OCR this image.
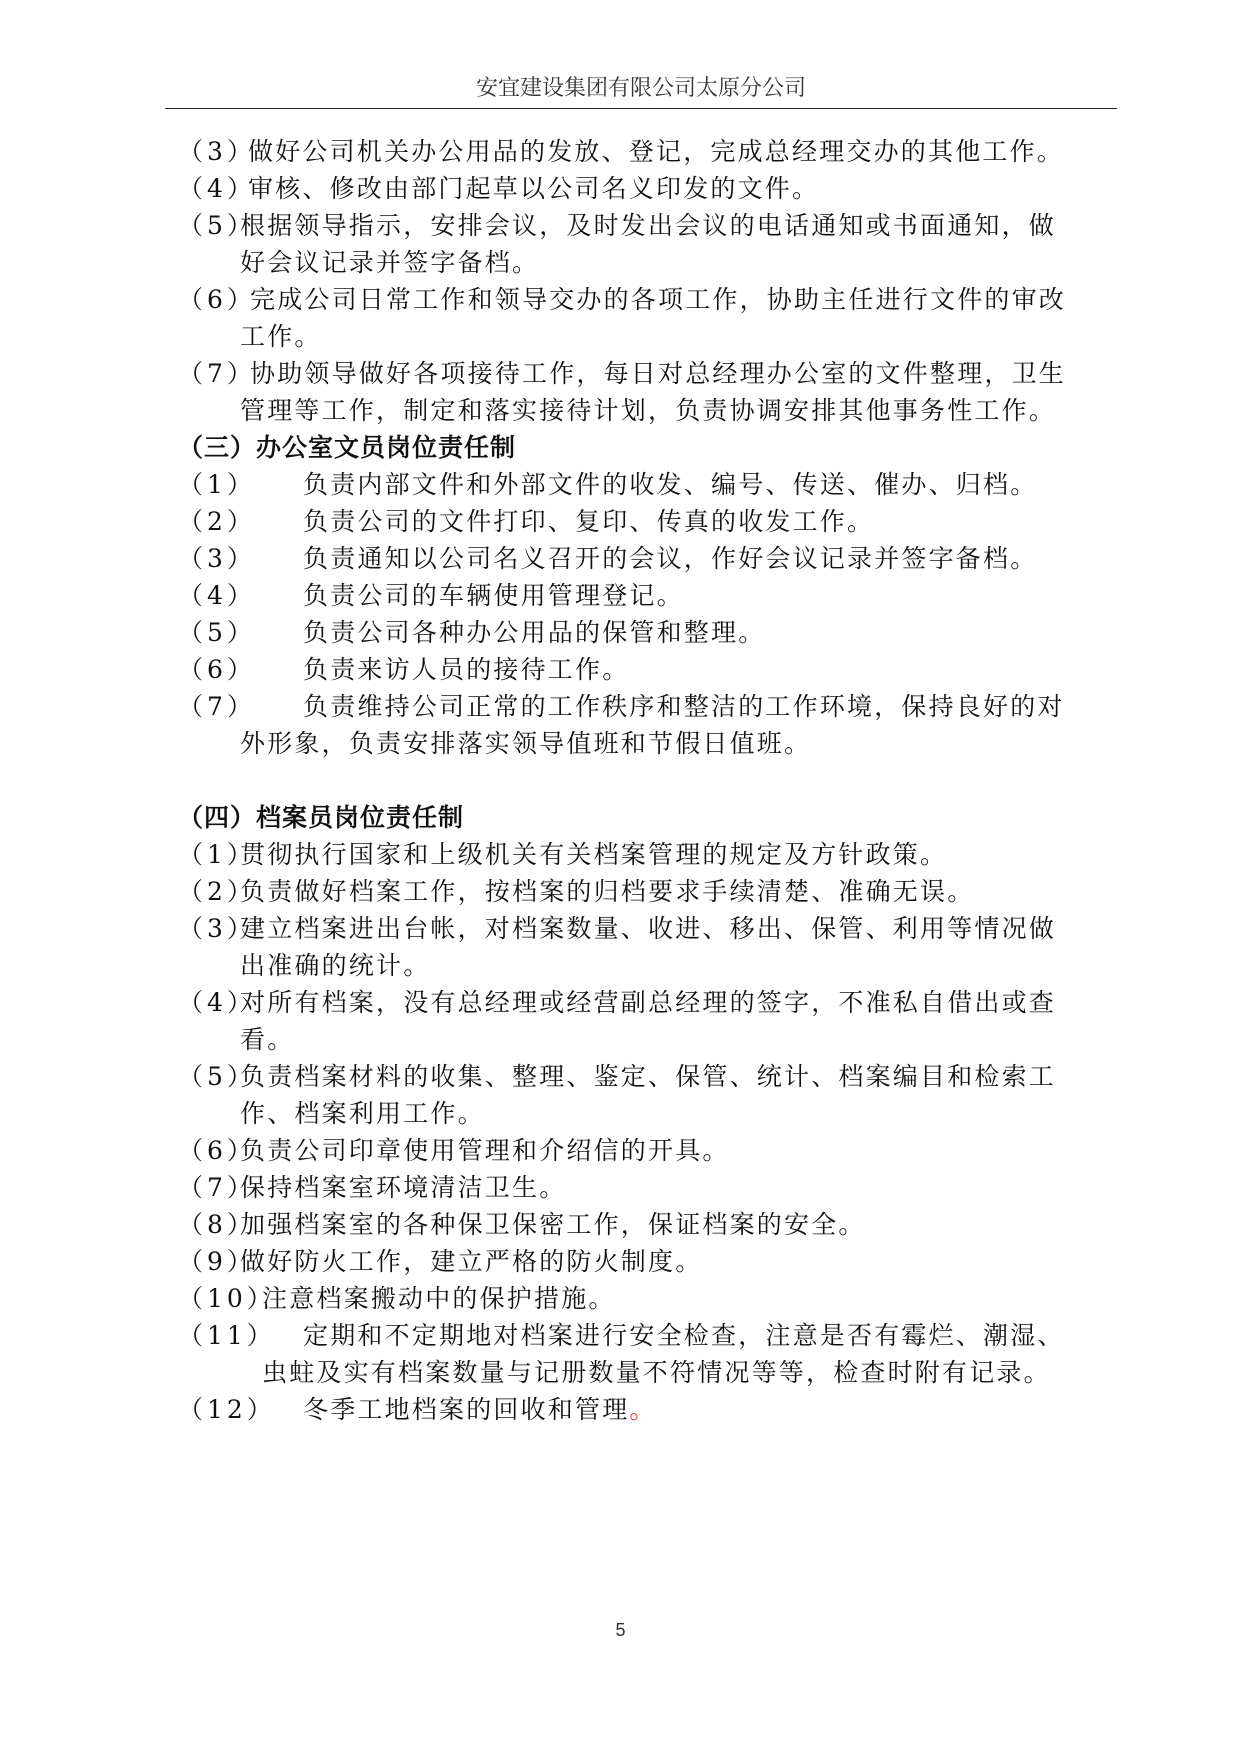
安宜建设集团有限公司太原分公司
（3）
做好公司机关办公用品的发放、登记，完成总经理交办的其他工作。
（4）
审核、修改由部门起草以公司名义印发的文件。
（5）
根据领导指示，安排会议，及时发出会议的电话通知或书面通知，做
好会议记录并签字备档。
（6）
完成公司日常工作和领导交办的各项工作，协助主任进行文件的审改
工作。
（7）
协助领导做好各项接待工作，每日对总经理办公室的文件整理，卫生
管理等工作，制定和落实接待计划，负责协调安排其他事务性工作。
（三）办公室文员岗位责任制
（1） 负责内部文件和外部文件的收发、编号、传送、催办、归档。
（2） 负责公司的文件打印、复印、传真的收发工作。
（3） 负责通知以公司名义召开的会议，作好会议记录并签字备档。
（4） 负责公司的车辆使用管理登记。
（5） 负责公司各种办公用品的保管和整理。
（6） 负责来访人员的接待工作。
（7） 负责维持公司正常的工作秩序和整洁的工作环境，保持良好的对
外形象，负责安排落实领导值班和节假日值班。
（四）档案员岗位责任制
（1）
贯彻执行国家和上级机关有关档案管理的规定及方针政策。
（2）
负责做好档案工作，按档案的归档要求手续清楚、准确无误。
（3）
建立档案进出台帐，对档案数量、收进、移出、保管、利用等情况做
出准确的统计。
（4）
对所有档案，没有总经理或经营副总经理的签字，不准私自借出或查
看。
（5）
负责档案材料的收集、整理、鉴定、保管、统计、档案编目和检索工
作、档案利用工作。
（6）
负责公司印章使用管理和介绍信的开具。
（7）
保持档案室环境清洁卫生。
（8）
加强档案室的各种保卫保密工作，保证档案的安全。
（9）
做好防火工作，建立严格的防火制度。
（10）
注意档案搬动中的保护措施。
（11） 定期和不定期地对档案进行安全检查，注意是否有霉烂、潮湿、
虫蛀及实有档案数量与记册数量不符情况等等，检查时附有记录。
（12） 冬季工地档案的回收和管理。
5
